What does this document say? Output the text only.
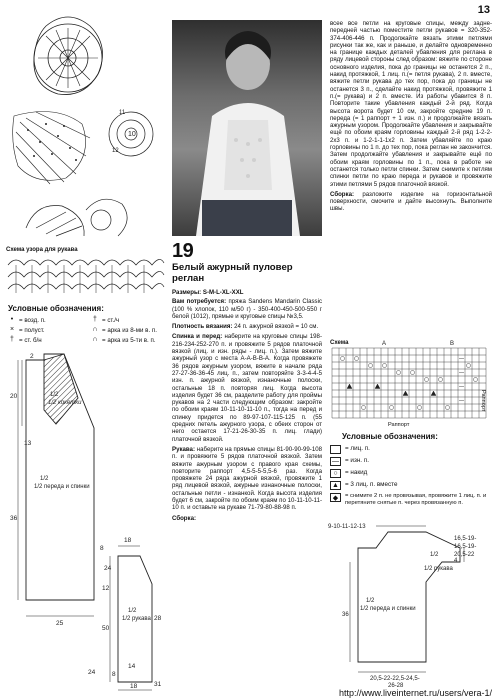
13
10
11
12
Схема узора для рукава
Условные обозначения:
• = возд. п.	† = ст./ч
× = полуст.	∩ = арка из 8-ми в. п.
† = ст. б/н	∩ = арка из 5-ти в. п.
2
20
13
36
25
8
18
24
28
12
50
14
8
18
24
31
1/2
1/2 кокетки
1/2
1/2 переда и спинки
1/2
1/2 рукава
19
Белый ажурный пуловер реглан
Размеры: S-M-L-XL-XXL
Вам потребуется: пряжа Sandens Mandarin Classic (100 % хлопок, 110 м/50 г) - 350-400-450-500-550 г белой (1012), прямые и круговые спицы №3,5.
Плотность вязания: 24 п. ажурной вязкой = 10 см.
Спинка и перед: наберите на круговые спицы 198-216-234-252-270 п. и провяжите 5 рядов платочной вязкой (лиц. и изн. ряды - лиц. п.). Затем вяжите ажурный узор с места A-A-B-B-A. Когда провяжете 36 рядов ажурным узором, вяжите в начале ряда 27-27-36-36-45 лиц. п., затем повторяйте 3-3-4-4-5 изн. п. ажурной вязкой, изнаночные полоски, остальные 18 п. повторяя лиц. Когда высота изделия будет 36 см, разделите работу для проймы рукавов на 2 части следующим образом: закройте по обоим краям 10-11-10-11-10 п., тогда на перед и спинку придется по 89-97-107-115-125 п. (55 средних петель ажурного узора, с обеих сторон от него остается 17-21-26-30-35 п. лиц. глади) платочной вязкой.
Рукава: наберите на прямые спицы 81-90-90-99-108 п. и провяжите 5 рядов платочной вязкой. Затем вяжите ажурным узором с правого края схемы, повторите раппорт 4,5-5-5-5,5-6 раз. Когда провяжете 24 ряда ажурной вязкой, провяжите 1 ряд лицевой вязкой, ажурные изнаночные полоски, остальные петли - изнанкой. Когда высота изделия будет 6 см, закройте по обоим краям по 10-11-10-11-10 п. и оставьте на рукаве 71-79-80-88-98 п.
Сборка:
всее все петли на круговые спицы, между задне-передней частью поместите петли рукавов = 320-352-374-406-446 п. Продолжайте вязать этими петлями рисунки так же, как и раньше, и делайте одновременно на границе каждых деталей убавления для реглана в ряду лицевой стороны след образом: вяжите по стороне основного изделия, пока до границы не останется 2 п., накид протяжкой, 1 лиц. п.(= петля рукава), 2 п. вместе, вяжите петли рукава до тех пор, пока до границы не останется 3 п., сделайте накид протяжкой, провяжите 1 п.(= рукава) и 2 п. вместе. Из работы убавится 8 п. Повторите такие убавления каждый 2-й ряд. Когда высота ворота будет 10 см, закройте средние 19 п. переда (= 1 раппорт + 1 изн. п.) и продолжайте вязать ажурным узором. Продолжайте убавления и закрывайте ещё по обоим краям горловины каждый 2-й ряд 1-2-2-2х3 п. и 1-2-1-1-1х2 п. Затем убавляйте по краю горловины по 1 п. до тех пор, пока реглан не закончится. Затем продолжайте убавления и закрывайте ещё по обоим краям горловины по 1 п., пока в работе не останется только петли спинки. Затем снимите к петлям спинки петли по краю переда и рукавов и провяжите этими петлями 5 рядов платочной вязкой.
Сборка: разложите изделие на горизонтальной поверхности, смочите и дайте высохнуть. Выполните швы.
Схема	A	B
Раппорт
Раппорт
Условные обозначения:
= лиц. п.
— = изн. п.
○	= накид
▲ = 3 лиц. п. вместе
◆	= снимите 2 п. не провязывая, провяжите 1 лиц. п. и перетяните снятые п. через провязанную п.
9-10-11-12-13
16,5-19-
16,5-19-
20,5-22
36
20,5-22-22,5-24,5-
26-28
1/2
1/2 переда и спинки
1/2
1/2 рукава
4
http://www.liveinternet.ru/users/vera-1/
